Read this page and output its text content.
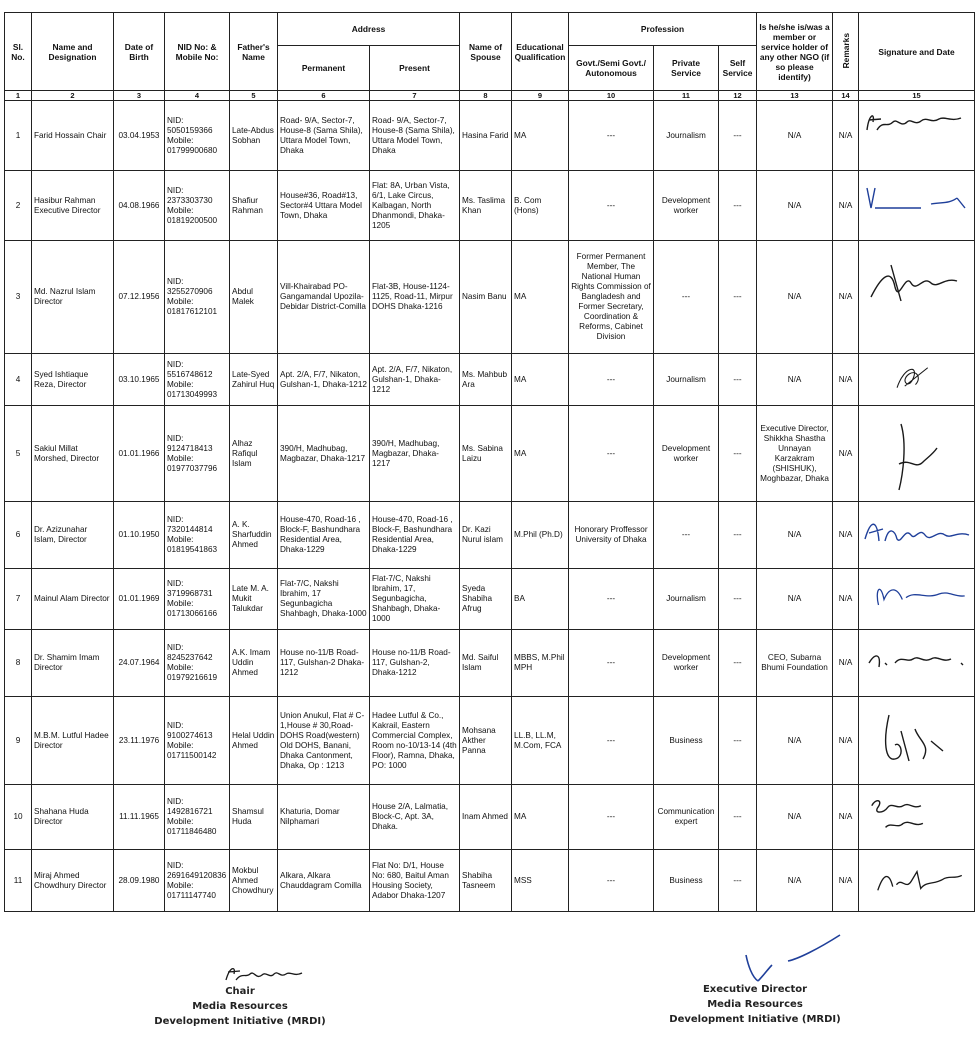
Sl. No.	Name and Designation	Date of Birth	NID No: & Mobile No:	Father's Name	Address		Name of Spouse	Educational Qualification	Profession			Is he/she is/was a member or service holder of any other NGO (if so please identify)	Remarks	Signature and Date
					Permanent	Present			Govt./Semi Govt./ Autonomous	Private Service	Self Service			
1	2	3	4	5	6	7	8	9	10	11	12	13	14	15
1	Farid Hossain Chair	03.04.1953	NID: 5050159366 Mobile: 01799900680	Late-Abdus Sobhan	Road- 9/A, Sector-7, House-8 (Sama Shila), Uttara Model Town, Dhaka	Road- 9/A, Sector-7, House-8 (Sama Shila), Uttara Model Town, Dhaka	Hasina Farid	MA	---	Journalism	---	N/A	N/A	

2	Hasibur Rahman Executive Director	04.08.1966	NID: 2373303730 Mobile: 01819200500	Shafiur Rahman	House#36, Road#13, Sector#4 Uttara Model Town, Dhaka	Flat: 8A, Urban Vista, 6/1, Lake Circus, Kalbagan, North Dhanmondi, Dhaka-1205	Ms. Taslima Khan	B. Com (Hons)	---	Development worker	---	N/A	N/A	

3	Md. Nazrul Islam Director	07.12.1956	NID: 3255270906 Mobile: 01817612101	Abdul Malek	Vill-Khairabad PO-Gangamandal Upozila-Debidar District-Comilla	Flat-3B, House-1124-1125, Road-11, Mirpur DOHS Dhaka-1216	Nasim Banu	MA	Former Permanent Member, The National Human Rights Commission of Bangladesh and Former Secretary, Coordination & Reforms, Cabinet Division	---	---	N/A	N/A	

4	Syed Ishtiaque Reza, Director	03.10.1965	NID: 5516748612 Mobile: 01713049993	Late-Syed Zahirul Huq	Apt. 2/A, F/7, Nikaton, Gulshan-1, Dhaka-1212	Apt. 2/A, F/7, Nikaton, Gulshan-1, Dhaka-1212	Ms. Mahbub Ara	MA	---	Journalism	---	N/A	N/A	

5	Sakiul Millat Morshed, Director	01.01.1966	NID: 9124718413 Mobile: 01977037796	Alhaz Rafiqul Islam	390/H, Madhubag, Magbazar, Dhaka-1217	390/H, Madhubag, Magbazar, Dhaka-1217	Ms. Sabina Laizu	MA	---	Development worker	---	Executive Director, Shikkha Shastha Unnayan Karzakram (SHISHUK), Moghbazar, Dhaka	N/A	

6	Dr. Azizunahar Islam, Director	01.10.1950	NID: 7320144814 Mobile: 01819541863	A. K. Sharfuddin Ahmed	House-470, Road-16 , Block-F, Bashundhara Residential Area, Dhaka-1229	House-470, Road-16 , Block-F, Bashundhara Residential Area, Dhaka-1229	Dr. Kazi Nurul islam	M.Phil (Ph.D)	Honorary Proffessor University of Dhaka	---	---	N/A	N/A	

7	Mainul Alam Director	01.01.1969	NID: 3719968731 Mobile: 01713066166	Late M. A. Mukit Talukdar	Flat-7/C, Nakshi Ibrahim, 17 Segunbagicha Shahbagh, Dhaka-1000	Flat-7/C, Nakshi Ibrahim, 17, Segunbagicha, Shahbagh, Dhaka-1000	Syeda Shabiha Afrug	BA	---	Journalism	---	N/A	N/A	

8	Dr. Shamim Imam Director	24.07.1964	NID: 8245237642 Mobile: 01979216619	A.K. Imam Uddin Ahmed	House no-11/B Road-117, Gulshan-2 Dhaka-1212	House no-11/B Road-117, Gulshan-2, Dhaka-1212	Md. Saiful Islam	MBBS, M.Phil MPH	---	Development worker	---	CEO, Subarna Bhumi Foundation	N/A	

9	M.B.M. Lutful Hadee Director	23.11.1976	NID: 9100274613 Mobile: 01711500142	Helal Uddin Ahmed	Union Anukul, Flat # C-1,House # 30,Road-DOHS Road(western) Old DOHS, Banani, Dhaka Cantonment, Dhaka, Op : 1213	Hadee Lutful & Co., Kakrail, Eastern Commercial Complex, Room no-10/13-14 (4th Floor), Ramna, Dhaka, PO: 1000	Mohsana Akther Panna	LL.B, LL.M, M.Com, FCA	---	Business	---	N/A	N/A	

10	Shahana Huda Director	11.11.1965	NID: 1492816721 Mobile: 01711846480	Shamsul Huda	Khaturia, Domar Nilphamari	House 2/A, Lalmatia, Block-C, Apt. 3A, Dhaka.	Inam Ahmed	MA	---	Communication expert	---	N/A	N/A	

11	Miraj Ahmed Chowdhury Director	28.09.1980	NID: 2691649120836 Mobile: 01711147740	Mokbul Ahmed Chowdhury	Alkara, Alkara Chauddagram Comilla	Flat No: D/1, House No: 680, Baitul Aman Housing Society, Adabor Dhaka-1207	Shabiha Tasneem	MSS	---	Business	---	N/A	N/A	
Chair
Media Resources
Development Initiative (MRDI)
Executive Director
Media Resources
Development Initiative (MRDI)
